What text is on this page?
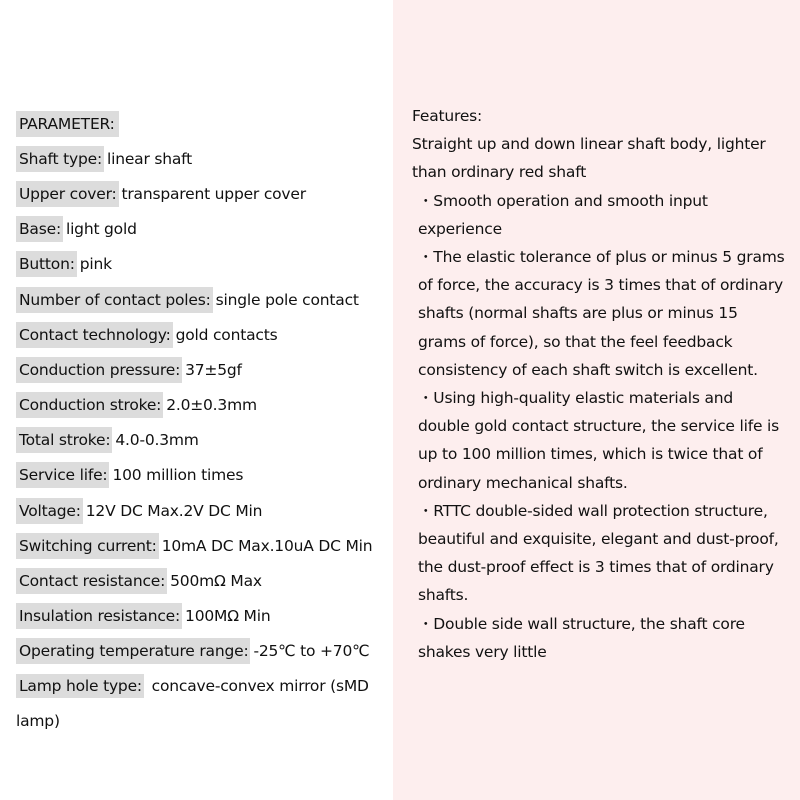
PARAMETER:
Shaft type: linear shaft
Upper cover: transparent upper cover
Base: light gold
Button: pink
Number of contact poles: single pole contact
Contact technology: gold contacts
Conduction pressure: 37±5gf
Conduction stroke: 2.0±0.3mm
Total stroke: 4.0-0.3mm
Service life: 100 million times
Voltage: 12V DC Max.2V DC Min
Switching current: 10mA DC Max.10uA DC Min
Contact resistance: 500mΩ Max
Insulation resistance: 100MΩ Min
Operating temperature range: -25℃ to +70℃
Lamp hole type: concave-convex mirror (sMD lamp)

Features:

Straight up and down linear shaft body, lighter than ordinary red shaft

・Smooth operation and smooth input experience

・The elastic tolerance of plus or minus 5 grams of force, the accuracy is 3 times that of ordinary shafts (normal shafts are plus or minus 15 grams of force), so that the feel feedback consistency of each shaft switch is excellent.

・Using high-quality elastic materials and double gold contact structure, the service life is up to 100 million times, which is twice that of ordinary mechanical shafts.

・RTTC double-sided wall protection structure, beautiful and exquisite, elegant and dust-proof, the dust-proof effect is 3 times that of ordinary shafts.

・Double side wall structure, the shaft core shakes very little
